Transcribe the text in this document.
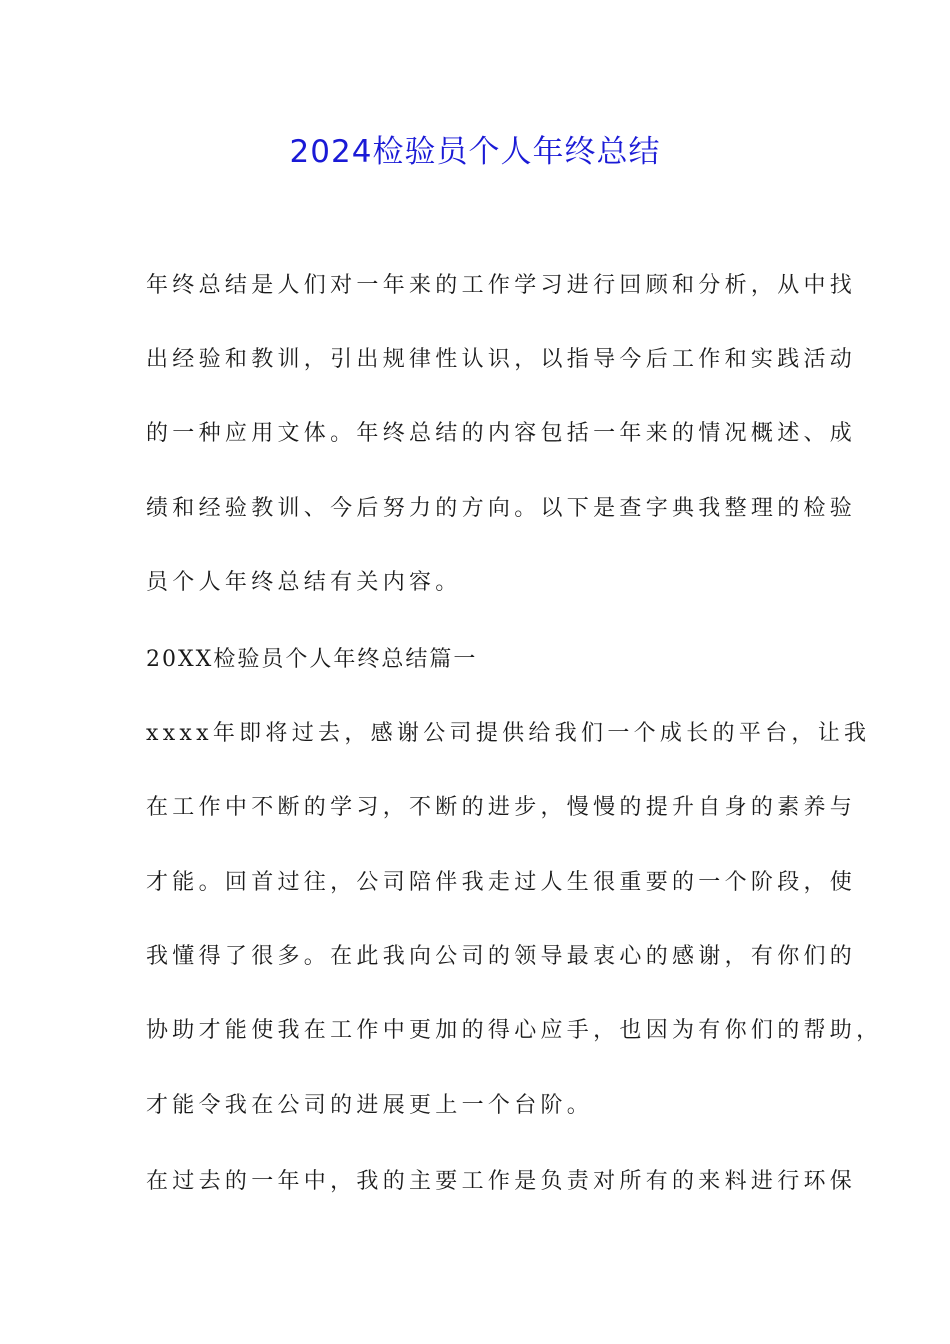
2024检验员个人年终总结
年终总结是人们对一年来的工作学习进行回顾和分析，从中找
出经验和教训，引出规律性认识，以指导今后工作和实践活动
的一种应用文体。年终总结的内容包括一年来的情况概述、成
绩和经验教训、今后努力的方向。以下是查字典我整理的检验
员个人年终总结有关内容。
20XX检验员个人年终总结篇一
xxxx年即将过去，感谢公司提供给我们一个成长的平台，让我
在工作中不断的学习，不断的进步，慢慢的提升自身的素养与
才能。回首过往，公司陪伴我走过人生很重要的一个阶段，使
我懂得了很多。在此我向公司的领导最衷心的感谢，有你们的
协助才能使我在工作中更加的得心应手，也因为有你们的帮助，
才能令我在公司的进展更上一个台阶。
在过去的一年中，我的主要工作是负责对所有的来料进行环保
